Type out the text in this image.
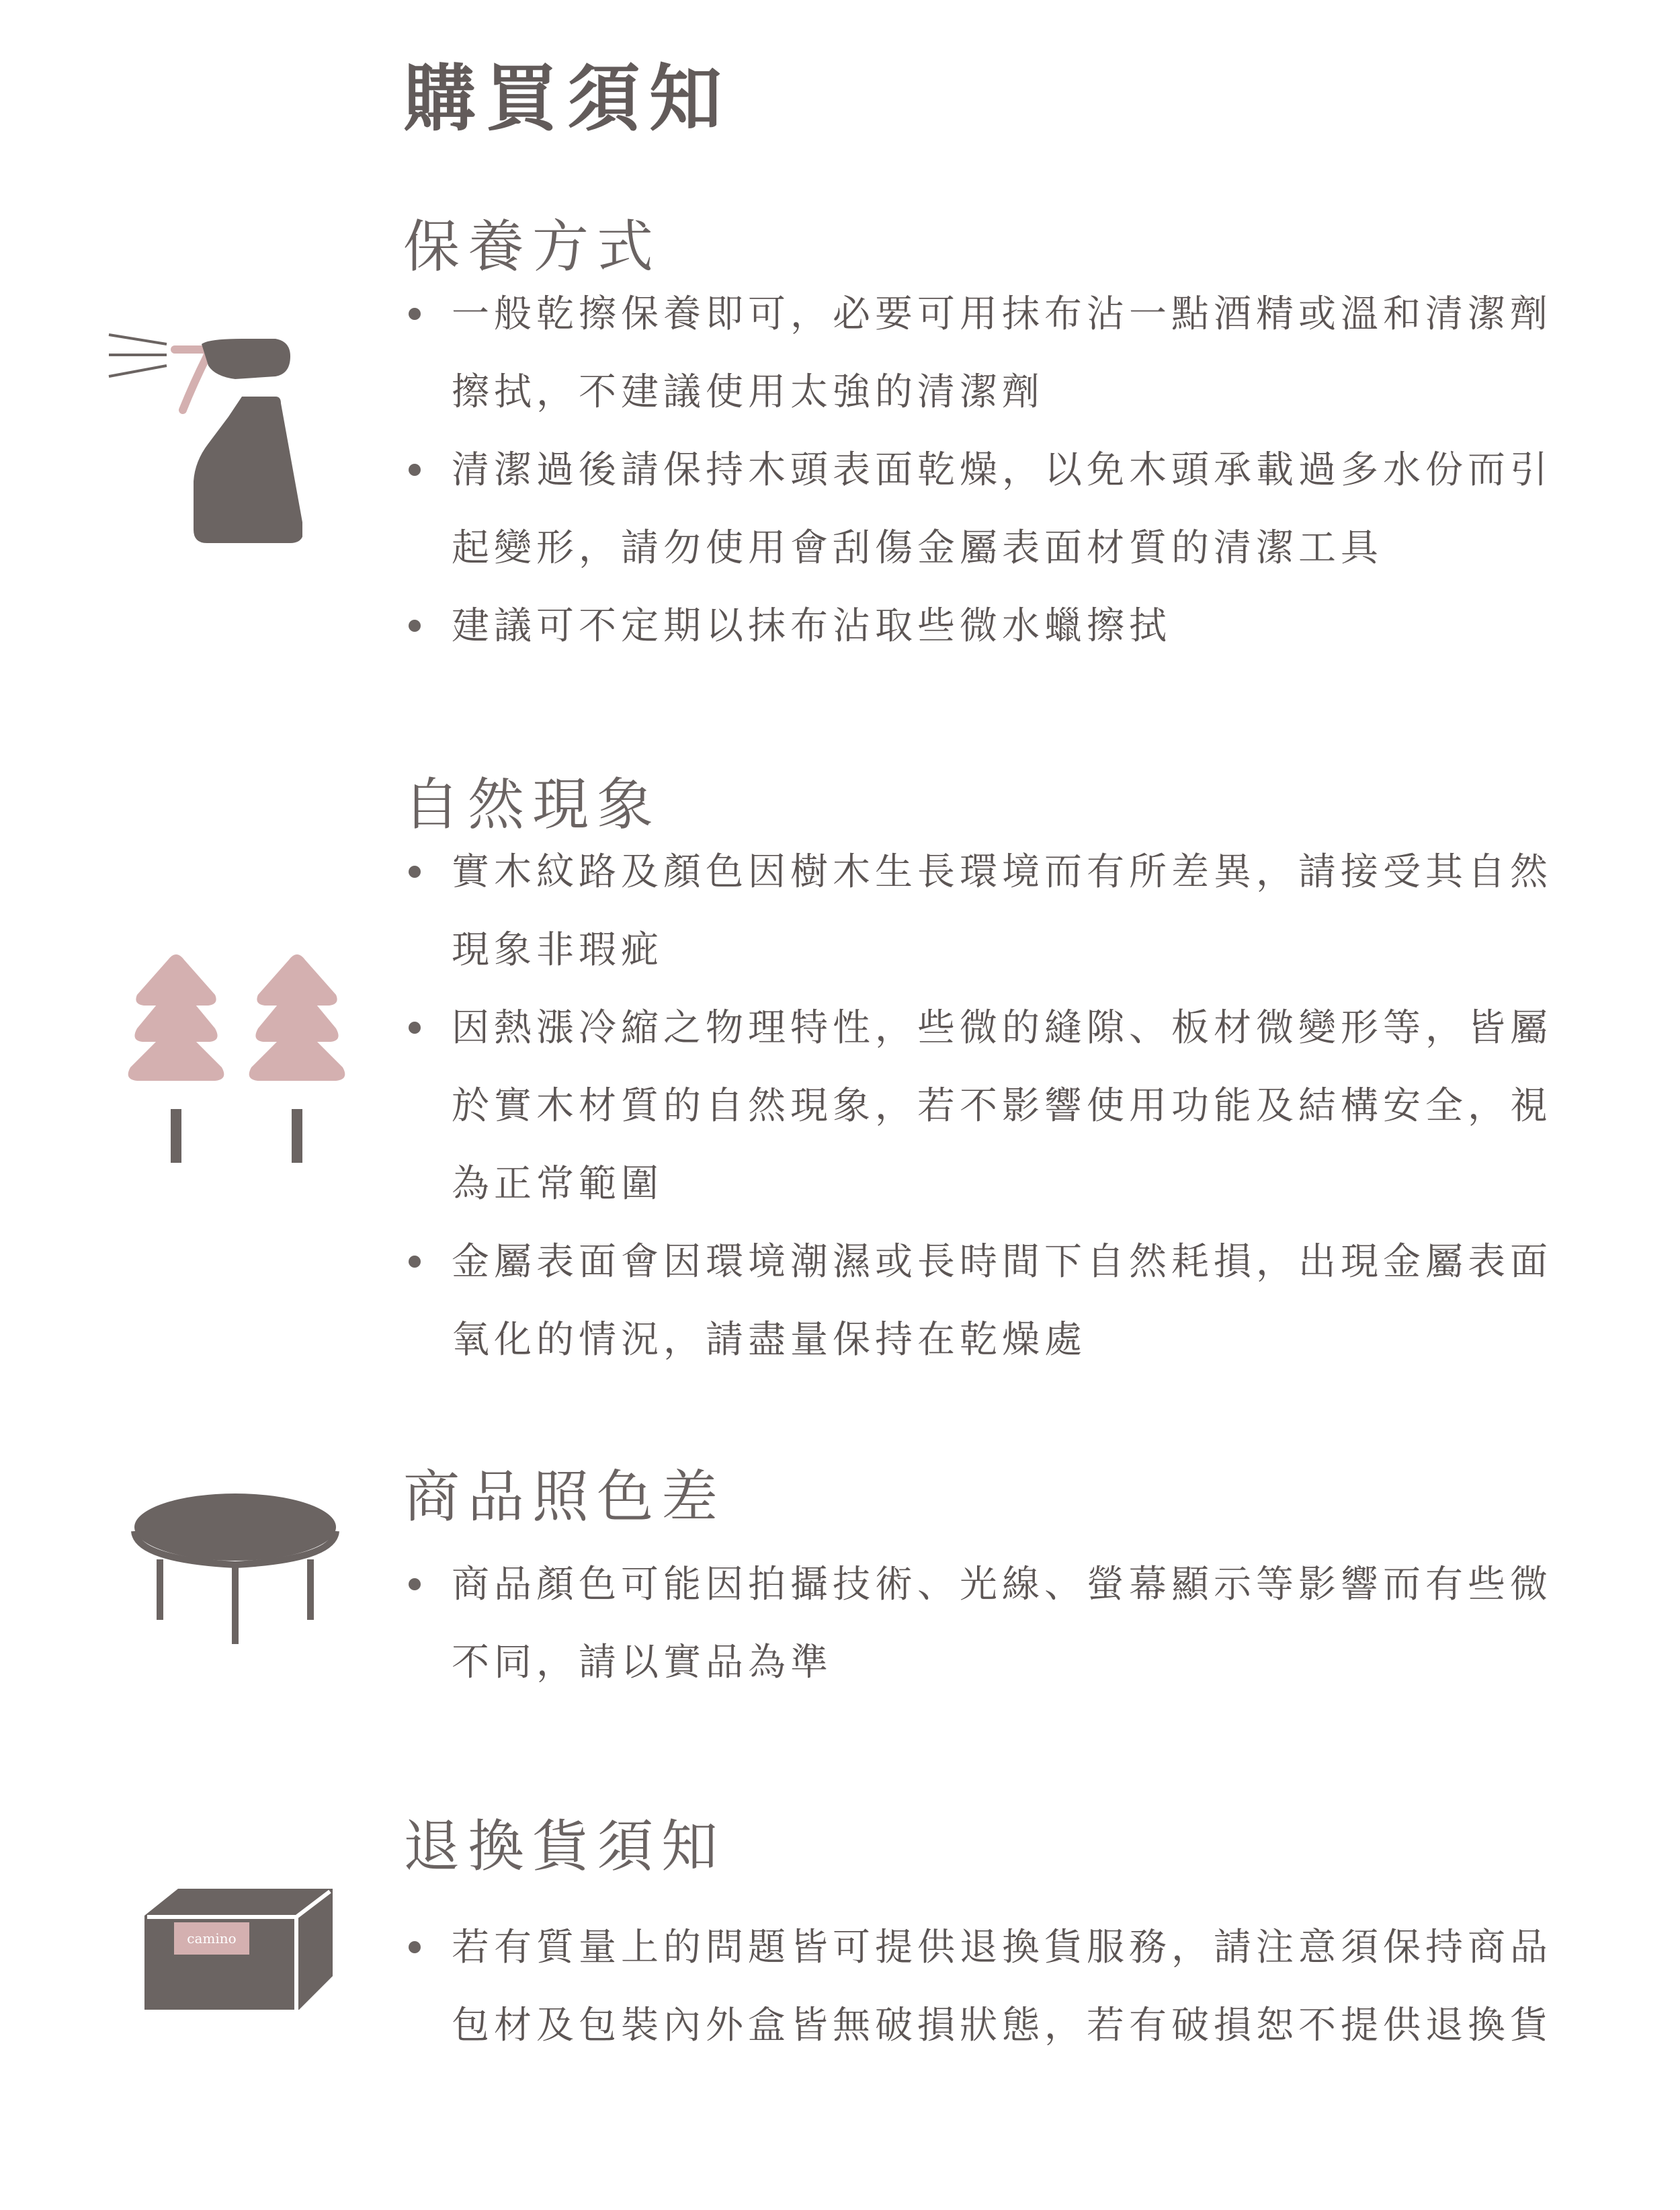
購買須知
保養方式
一般乾擦保養即可，必要可用抹布沾一點酒精或溫和清潔劑擦拭，不建議使用太強的清潔劑
清潔過後請保持木頭表面乾燥，以免木頭承載過多水份而引起變形，請勿使用會刮傷金屬表面材質的清潔工具
建議可不定期以抹布沾取些微水蠟擦拭
自然現象
實木紋路及顏色因樹木生長環境而有所差異，請接受其自然現象非瑕疵
因熱漲冷縮之物理特性，些微的縫隙、板材微變形等，皆屬於實木材質的自然現象，若不影響使用功能及結構安全，視為正常範圍
金屬表面會因環境潮濕或長時間下自然耗損，出現金屬表面氧化的情況，請盡量保持在乾燥處
商品照色差
商品顏色可能因拍攝技術、光線、螢幕顯示等影響而有些微不同，請以實品為準
退換貨須知
camino	若有質量上的問題皆可提供退換貨服務，請注意須保持商品包材及包裝內外盒皆無破損狀態，若有破損恕不提供退換貨
